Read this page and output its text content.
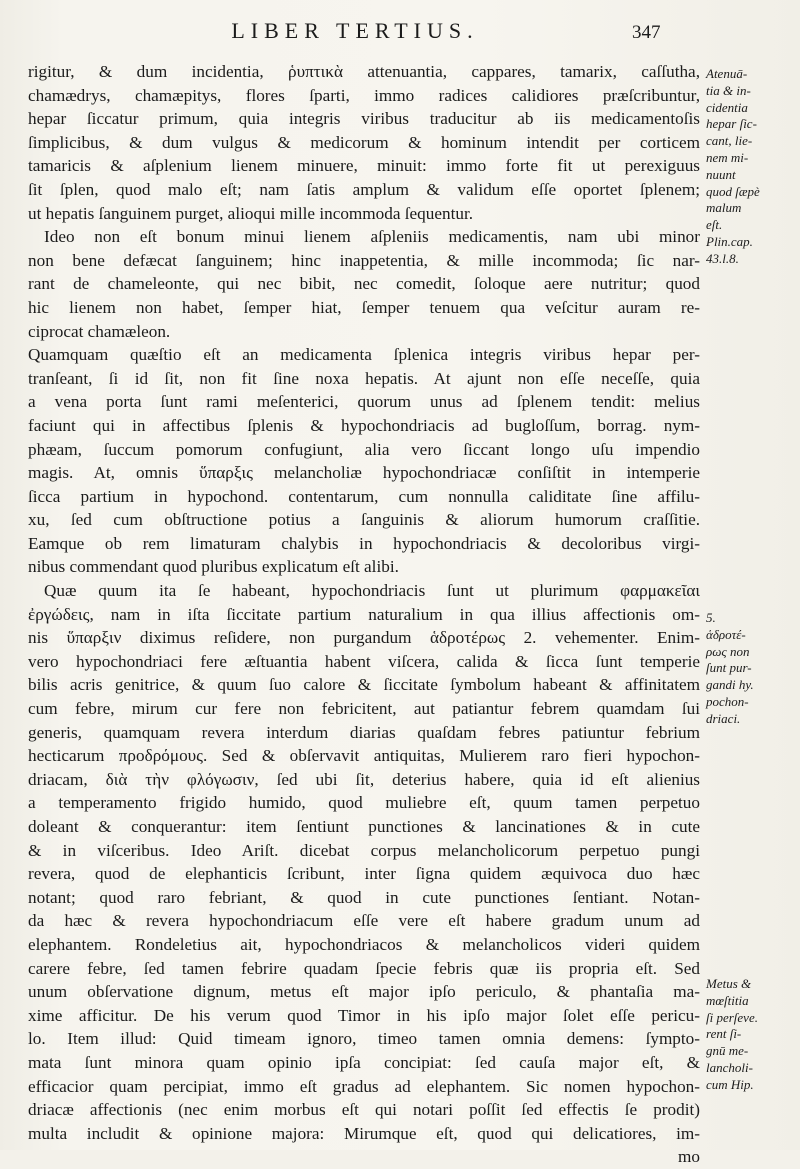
LIBER TERTIUS.	347

rigitur, & dum incidentia, ῥυπτικὰ attenuantia, cappares, tamarix, caſſutha,
chamædrys, chamæpitys, flores ſparti, immo radices calidiores præſcribuntur,
hepar ſiccatur primum, quia integris viribus traducitur ab iis medicamentoſis
ſimplicibus, & dum vulgus & medicorum & hominum intendit per corticem
tamaricis & aſplenium lienem minuere, minuit: immo forte fit ut perexiguus
ſit ſplen, quod malo eſt; nam ſatis amplum & validum eſſe oportet ſplenem;
ut hepatis ſanguinem purget, alioqui mille incommoda ſequentur.

Ideo non eſt bonum minui lienem aſpleniis medicamentis, nam ubi minor
non bene defæcat ſanguinem; hinc inappetentia, & mille incommoda; ſic nar-
rant de chameleonte, qui nec bibit, nec comedit, ſoloque aere nutritur; quod
hic lienem non habet, ſemper hiat, ſemper tenuem qua veſcitur auram re-
ciprocat chamæleon.

Quamquam quæſtio eſt an medicamenta ſplenica integris viribus hepar per-
tranſeant, ſi id ſit, non fit ſine noxa hepatis. At ajunt non eſſe neceſſe, quia
a vena porta ſunt rami meſenterici, quorum unus ad ſplenem tendit: melius
faciunt qui in affectibus ſplenis & hypochondriacis ad bugloſſum, borrag. nym-
phæam, ſuccum pomorum confugiunt, alia vero ſiccant longo uſu impendio
magis. At, omnis ὕπαρξις melancholiæ hypochondriacæ conſiſtit in intemperie
ſicca partium in hypochond. contentarum, cum nonnulla caliditate ſine affilu-
xu, ſed cum obſtructione potius a ſanguinis & aliorum humorum craſſitie.
Eamque ob rem limaturam chalybis in hypochondriacis & decoloribus virgi-
nibus commendant quod pluribus explicatum eſt alibi.

Quæ quum ita ſe habeant, hypochondriacis ſunt ut plurimum φαρμακεῖαι
ἐργώδεις, nam in iſta ſiccitate partium naturalium in qua illius affectionis om-
nis ὕπαρξιν diximus reſidere, non purgandum ἁδροτέρως 2. vehementer. Enim-
vero hypochondriaci fere æſtuantia habent viſcera, calida & ſicca ſunt temperie
bilis acris genitrice, & quum ſuo calore & ſiccitate ſymbolum habeant & affinitatem
cum febre, mirum cur fere non febricitent, aut patiantur febrem quamdam ſui
generis, quamquam revera interdum diarias quaſdam febres patiuntur febrium
hecticarum προδρόμους. Sed & obſervavit antiquitas, Mulierem raro fieri hypochon-
driacam, διὰ τὴν φλόγωσιν, ſed ubi ſit, deterius habere, quia id eſt alienius
a temperamento frigido humido, quod muliebre eſt, quum tamen perpetuo
doleant & conquerantur: item ſentiunt punctiones & lancinationes & in cute
& in viſceribus. Ideo Ariſt. dicebat corpus melancholicorum perpetuo pungi
revera, quod de elephanticis ſcribunt, inter ſigna quidem æquivoca duo hæc
notant; quod raro febriant, & quod in cute punctiones ſentiant. Notan-
da hæc & revera hypochondriacum eſſe vere eſt habere gradum unum ad
elephantem. Rondeletius ait, hypochondriacos & melancholicos videri quidem
carere febre, ſed tamen febrire quadam ſpecie febris quæ iis propria eſt. Sed
unum obſervatione dignum, metus eſt major ipſo periculo, & phantaſia ma-
xime afficitur. De his verum quod Timor in his ipſo major ſolet eſſe pericu-
lo. Item illud: Quid timeam ignoro, timeo tamen omnia demens: ſympto-
mata ſunt minora quam opinio ipſa concipiat: ſed cauſa major eſt, &
efficacior quam percipiat, immo eſt gradus ad elephantem. Sic nomen hypochon-
driacæ affectionis (nec enim morbus eſt qui notari poſſit ſed effectis ſe prodit)
multa includit & opinione majora: Mirumque eſt, quod qui delicatiores, im-
mo

Atenuā-
tia & in-
cidentia
hepar ſic-
cant, lie-
nem mi-
nuunt
quod ſæpè
malum
eſt.
Plin.cap.
43.l.8.
5.
ἁδροτέ-
ρως non
ſunt pur-
gandi hy.
pochon-
driaci.
Metus &
mœſtitia
ſi perſeve.
rent ſi-
gnū me-
lancholi-
cum Hip.
